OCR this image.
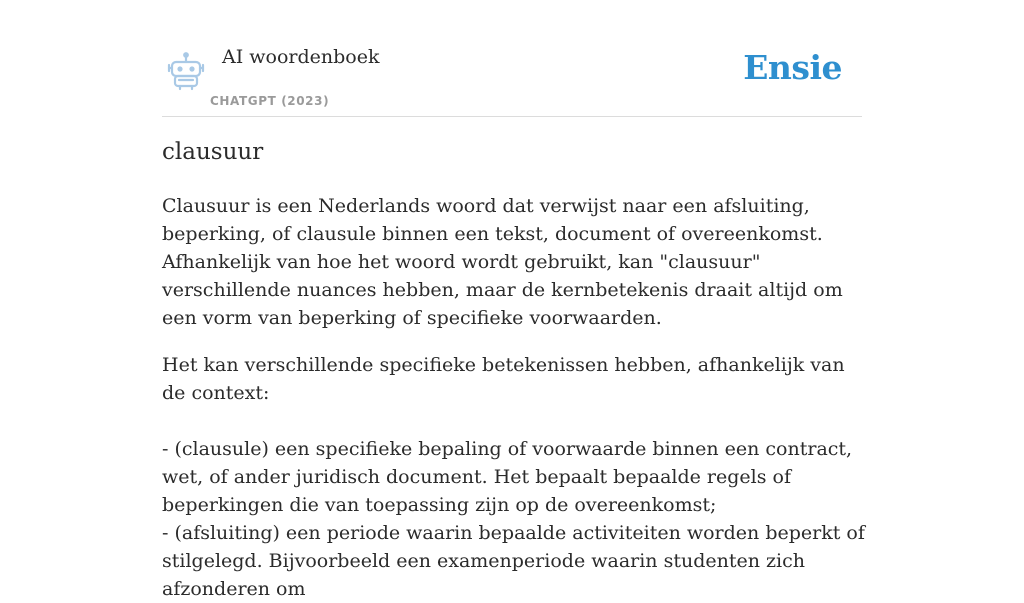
AI woordenboek
CHATGPT (2023)
Ensie
clausuur

Clausuur is een Nederlands woord dat verwijst naar een afsluiting, beperking, of clausule binnen een tekst, document of overeenkomst. Afhankelijk van hoe het woord wordt gebruikt, kan "clausuur" verschillende nuances hebben, maar de kernbetekenis draait altijd om een vorm van beperking of specifieke voorwaarden.

Het kan verschillende specifieke betekenissen hebben, afhankelijk van de context:

- (clausule) een specifieke bepaling of voorwaarde binnen een contract, wet, of ander juridisch document. Het bepaalt bepaalde regels of beperkingen die van toepassing zijn op de overeenkomst;

- (afsluiting) een periode waarin bepaalde activiteiten worden beperkt of stilgelegd. Bijvoorbeeld een examenperiode waarin studenten zich afzonderen om
